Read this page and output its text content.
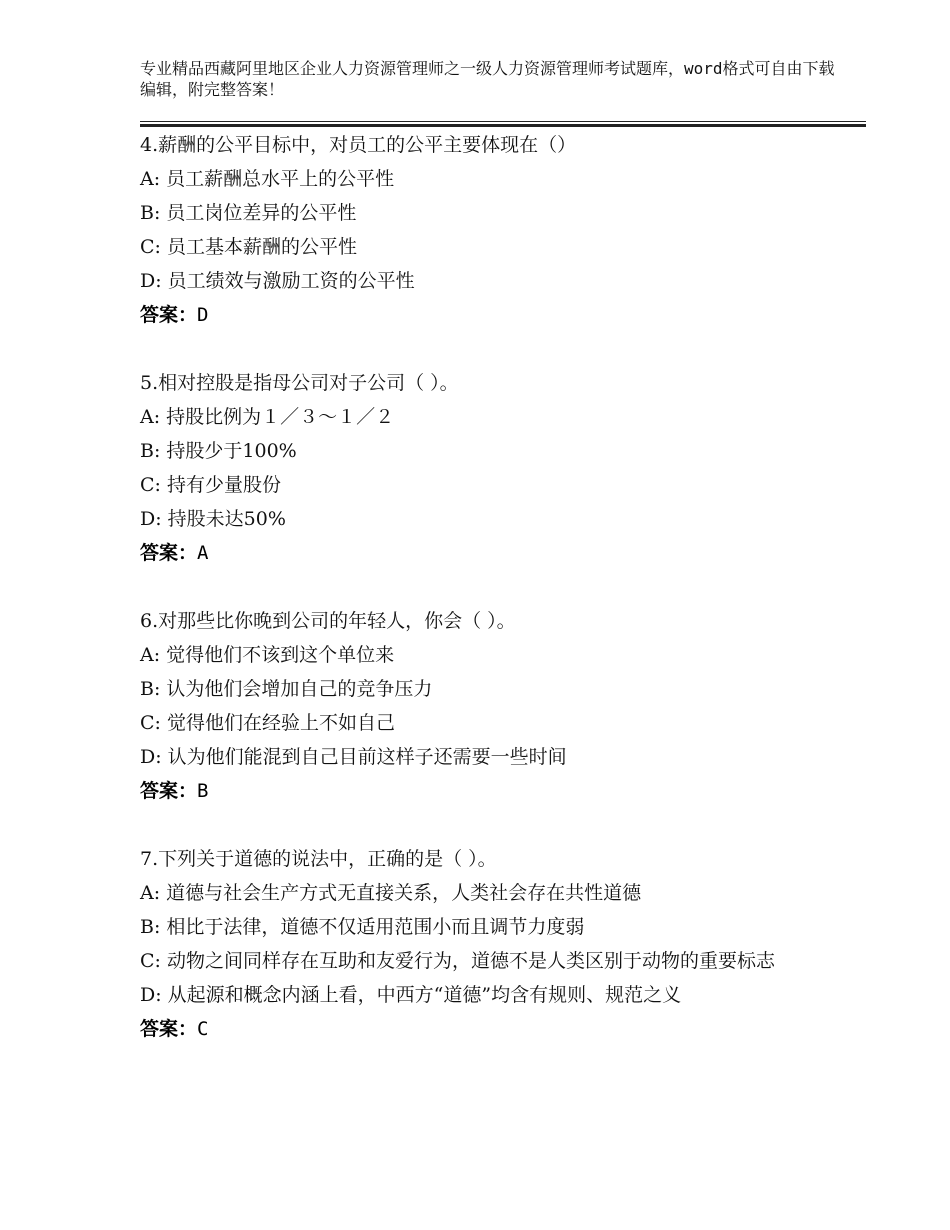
专业精品西藏阿里地区企业人力资源管理师之一级人力资源管理师考试题库，word格式可自由下载编辑，附完整答案！
4.薪酬的公平目标中，对员工的公平主要体现在（）
A: 员工薪酬总水平上的公平性
B: 员工岗位差异的公平性
C: 员工基本薪酬的公平性
D: 员工绩效与激励工资的公平性
答案：D
5.相对控股是指母公司对子公司（ ）。
A: 持股比例为１／３～１／２
B: 持股少于100%
C: 持有少量股份
D: 持股未达50%
答案：A
6.对那些比你晚到公司的年轻人，你会（ ）。
A: 觉得他们不该到这个单位来
B: 认为他们会增加自己的竞争压力
C: 觉得他们在经验上不如自己
D: 认为他们能混到自己目前这样子还需要一些时间
答案：B
7.下列关于道德的说法中，正确的是（ ）。
A: 道德与社会生产方式无直接关系，人类社会存在共性道德
B: 相比于法律，道德不仅适用范围小而且调节力度弱
C: 动物之间同样存在互助和友爱行为，道德不是人类区别于动物的重要标志
D: 从起源和概念内涵上看，中西方“道德”均含有规则、规范之义
答案：C
